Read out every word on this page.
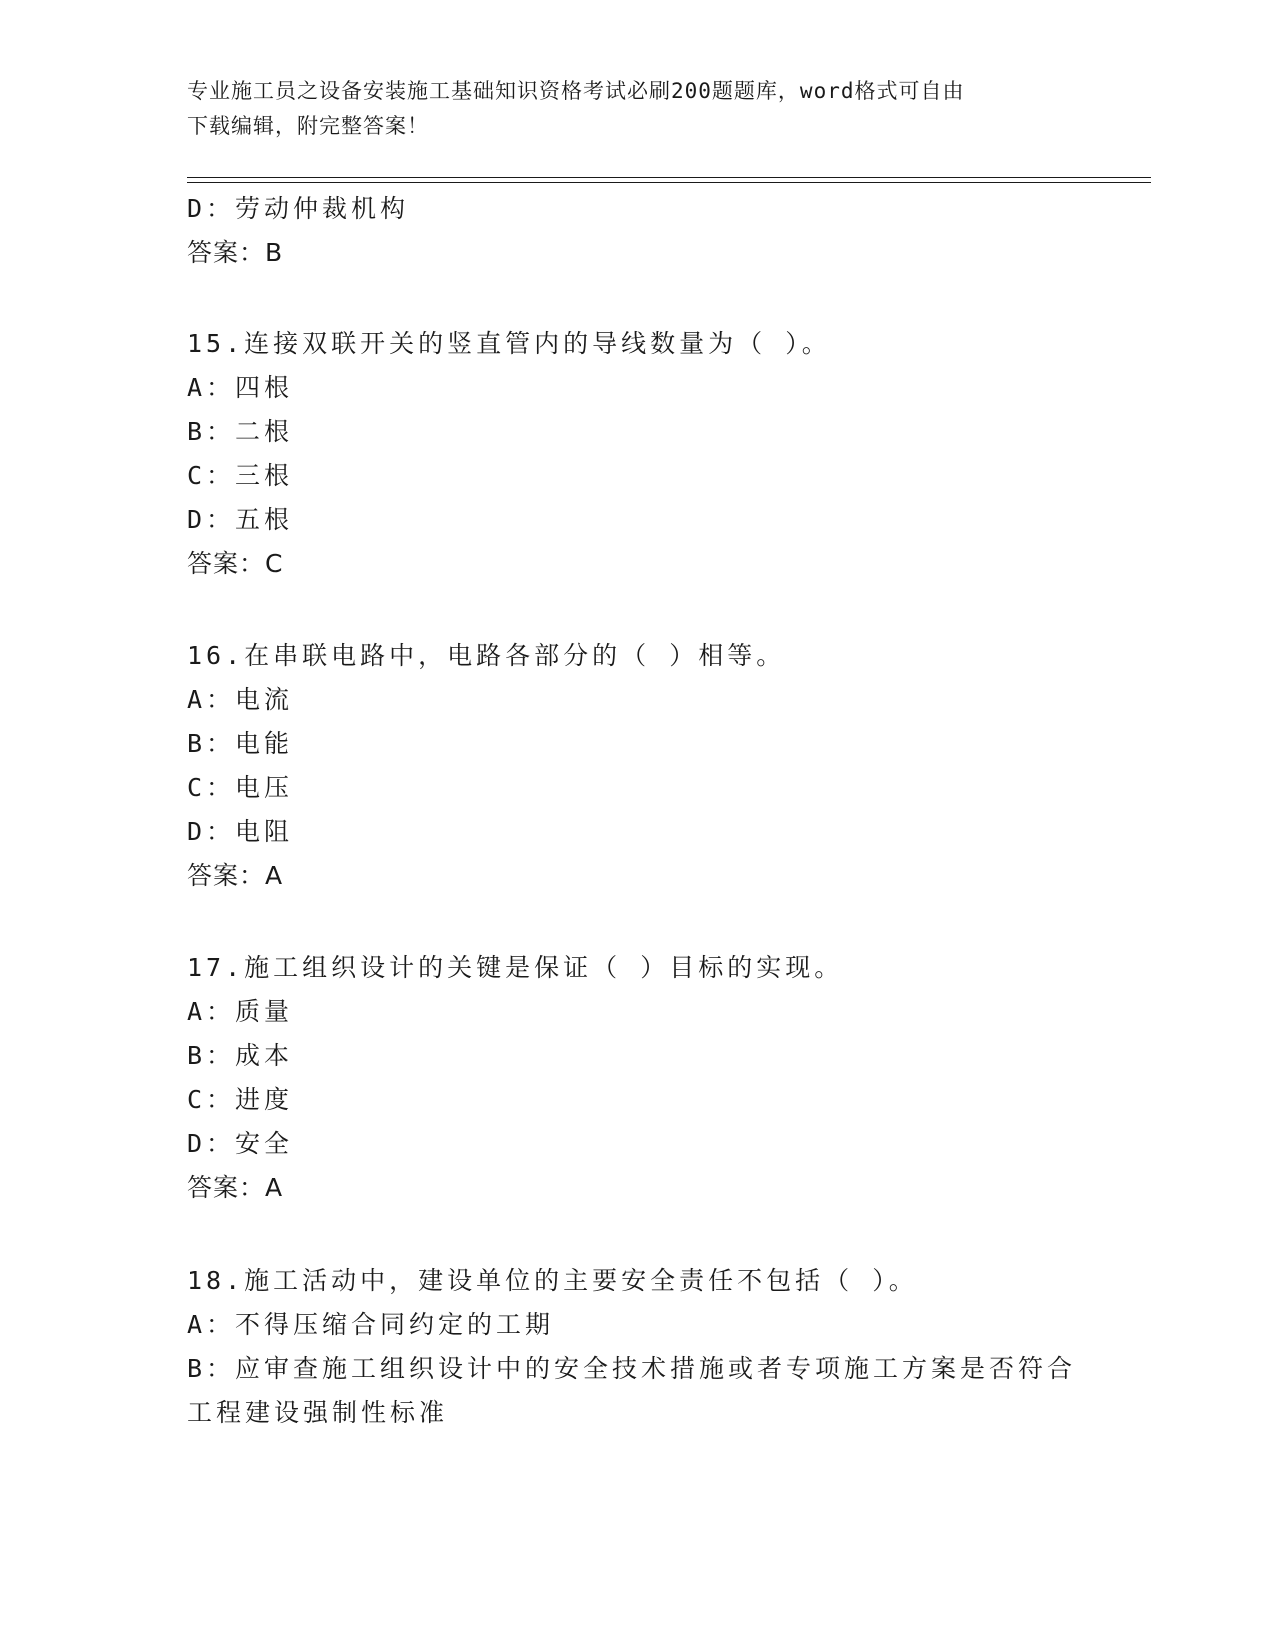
专业施工员之设备安装施工基础知识资格考试必刷200题题库，word格式可自由
下载编辑，附完整答案！
D：劳动仲裁机构
答案：B
15.连接双联开关的竖直管内的导线数量为（ ）。
A：四根
B：二根
C：三根
D：五根
答案：C
16.在串联电路中，电路各部分的（ ）相等。
A：电流
B：电能
C：电压
D：电阻
答案：A
17.施工组织设计的关键是保证（ ）目标的实现。
A：质量
B：成本
C：进度
D：安全
答案：A
18.施工活动中，建设单位的主要安全责任不包括（ ）。
A：不得压缩合同约定的工期
B：应审查施工组织设计中的安全技术措施或者专项施工方案是否符合
工程建设强制性标准
